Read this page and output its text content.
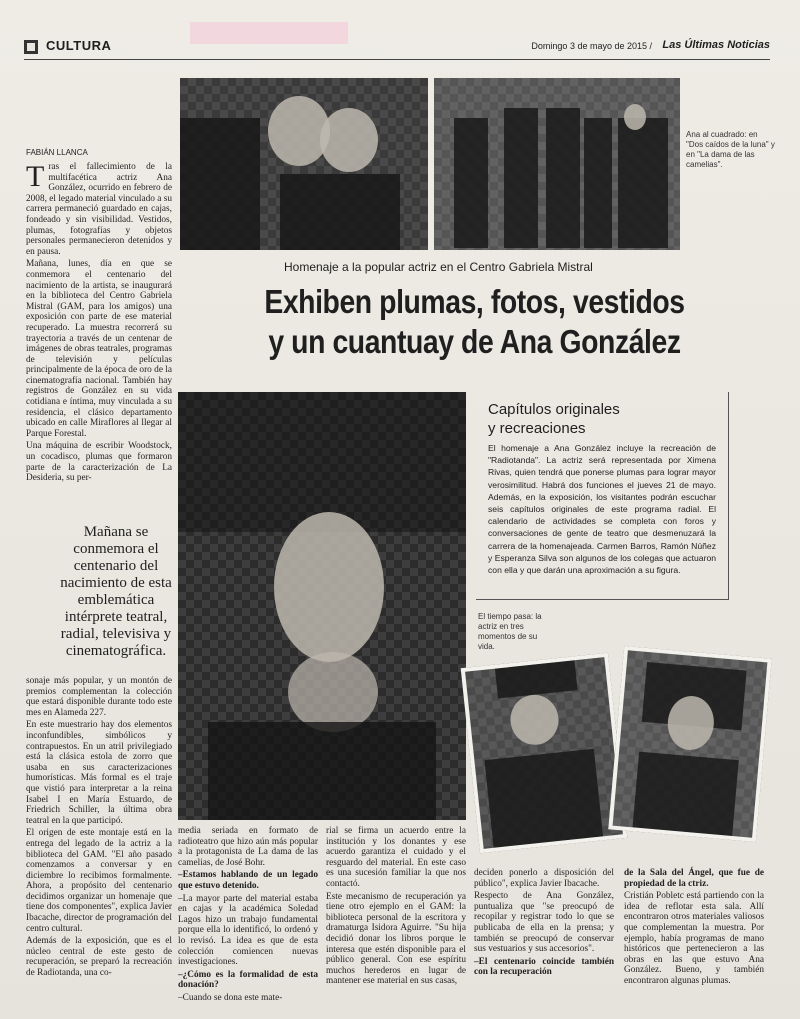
CULTURA	Domingo 3 de mayo de 2015 / Las Últimas Noticias
Ana al cuadrado: en "Dos caídos de la luna" y en "La dama de las camelias".
Homenaje a la popular actriz en el Centro Gabriela Mistral
Exhiben plumas, fotos, vestidos
y un cuantuay de Ana González
FABIÁN LLANCA

Tras el fallecimiento de la multifacética actriz Ana González, ocurrido en febrero de 2008, el legado material vinculado a su carrera permaneció guardado en cajas, fondeado y sin visibilidad. Vestidos, plumas, fotografías y objetos personales permanecieron detenidos y en pausa.

Mañana, lunes, día en que se conmemora el centenario del nacimiento de la artista, se inaugurará en la biblioteca del Centro Gabriela Mistral (GAM, para los amigos) una exposición con parte de ese material recuperado. La muestra recorrerá su trayectoria a través de un centenar de imágenes de obras teatrales, programas de televisión y películas principalmente de la época de oro de la cinematografía nacional. También hay registros de González en su vida cotidiana e íntima, muy vinculada a su residencia, el clásico departamento ubicado en calle Miraflores al llegar al Parque Forestal.

Una máquina de escribir Woodstock, un cocadisco, plumas que formaron parte de la caracterización de La Desideria, su per-

Mañana se conmemora el centenario del nacimiento de esta emblemática intérprete teatral, radial, televisiva y cinematográfica.

sonaje más popular, y un montón de premios complementan la colección que estará disponible durante todo este mes en Alameda 227.

En este muestrario hay dos elementos inconfundibles, simbólicos y contrapuestos. En un atril privilegiado está la clásica estola de zorro que usaba en sus caracterizaciones humorísticas. Más formal es el traje que vistió para interpretar a la reina Isabel I en María Estuardo, de Friedrich Schiller, la última obra teatral en la que participó.

El origen de este montaje está en la entrega del legado de la actriz a la biblioteca del GAM. "El año pasado comenzamos a conversar y en diciembre lo recibimos formalmente. Ahora, a propósito del centenario decidimos organizar un homenaje que tiene dos componentes", explica Javier Ibacache, director de programación del centro cultural.

Además de la exposición, que es el núcleo central de este gesto de recuperación, se preparó la recreación de Radiotanda, una co-

Capítulos originales
y recreaciones
El homenaje a Ana González incluye la recreación de "Radiotanda". La actriz será representada por Ximena Rivas, quien tendrá que ponerse plumas para lograr mayor verosimilitud. Habrá dos funciones el jueves 21 de mayo. Además, en la exposición, los visitantes podrán escuchar seis capítulos originales de este programa radial. El calendario de actividades se completa con foros y conversaciones de gente de teatro que desmenuzará la carrera de la homenajeada. Carmen Barros, Ramón Núñez y Esperanza Silva son algunos de los colegas que actuaron con ella y que darán una aproximación a su figura.
El tiempo pasa: la actriz en tres momentos de su vida.

media seriada en formato de radioteatro que hizo aún más popular a la protagonista de La dama de las camelias, de José Bohr.

–Estamos hablando de un legado que estuvo detenido.

–La mayor parte del material estaba en cajas y la académica Soledad Lagos hizo un trabajo fundamental porque ella lo identificó, lo ordenó y lo revisó. La idea es que de esta colección comiencen nuevas investigaciones.

–¿Cómo es la formalidad de esta donación?

–Cuando se dona este mate-

rial se firma un acuerdo entre la institución y los donantes y ese acuerdo garantiza el cuidado y el resguardo del material. En este caso es una sucesión familiar la que nos contactó.

Este mecanismo de recuperación ya tiene otro ejemplo en el GAM: la biblioteca personal de la escritora y dramaturga Isidora Aguirre. "Su hija decidió donar los libros porque le interesa que estén disponible para el público general. Con ese espíritu muchos herederos en lugar de mantener ese material en sus casas,

deciden ponerlo a disposición del público", explica Javier Ibacache.

Respecto de Ana González, puntualiza que "se preocupó de recopilar y registrar todo lo que se publicaba de ella en la prensa; y también se preocupó de conservar sus vestuarios y sus accesorios".

–El centenario coincide también con la recuperación

de la Sala del Ángel, que fue de propiedad de la ctriz.

Cristián Pobletc está partiendo con la idea de reflotar esta sala. Allí encontraron otros materiales valiosos que complementan la muestra. Por ejemplo, había programas de mano históricos que pertenecieron a las obras en las que estuvo Ana González. Bueno, y también encontraron algunas plumas.
